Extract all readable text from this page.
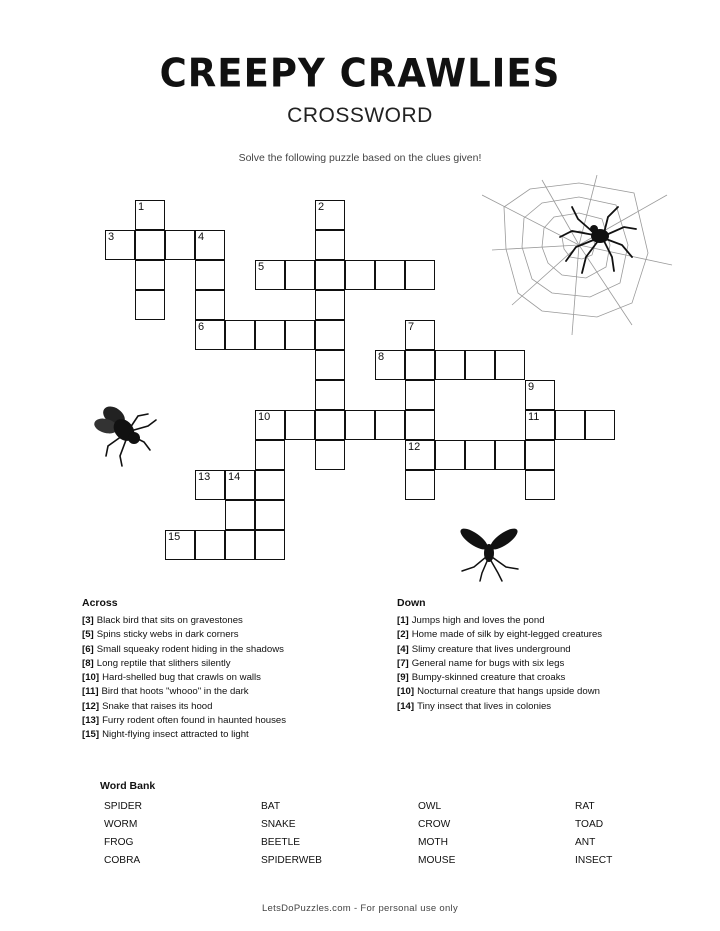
CREEPY CRAWLIES
CROSSWORD
Solve the following puzzle based on the clues given!
1	2
3	4
6
5
7
12
8
9
11
10
13 14
15
Across
[3] Black bird that sits on gravestones
[5] Spins sticky webs in dark corners
[6] Small squeaky rodent hiding in the shadows
[8] Long reptile that slithers silently
[10] Hard-shelled bug that crawls on walls
[11] Bird that hoots "whooo" in the dark
[12] Snake that raises its hood
[13] Furry rodent often found in haunted houses
[15] Night-flying insect attracted to light
Down
[1] Jumps high and loves the pond
[2] Home made of silk by eight-legged creatures
[4] Slimy creature that lives underground
[7] General name for bugs with six legs
[9] Bumpy-skinned creature that croaks
[10] Nocturnal creature that hangs upside down
[14] Tiny insect that lives in colonies
Word Bank
SPIDER
WORM
FROG
COBRA
BAT
SNAKE
BEETLE
SPIDERWEB
OWL
CROW
MOTH
MOUSE
RAT
TOAD
ANT
INSECT
LetsDoPuzzles.com - For personal use only
